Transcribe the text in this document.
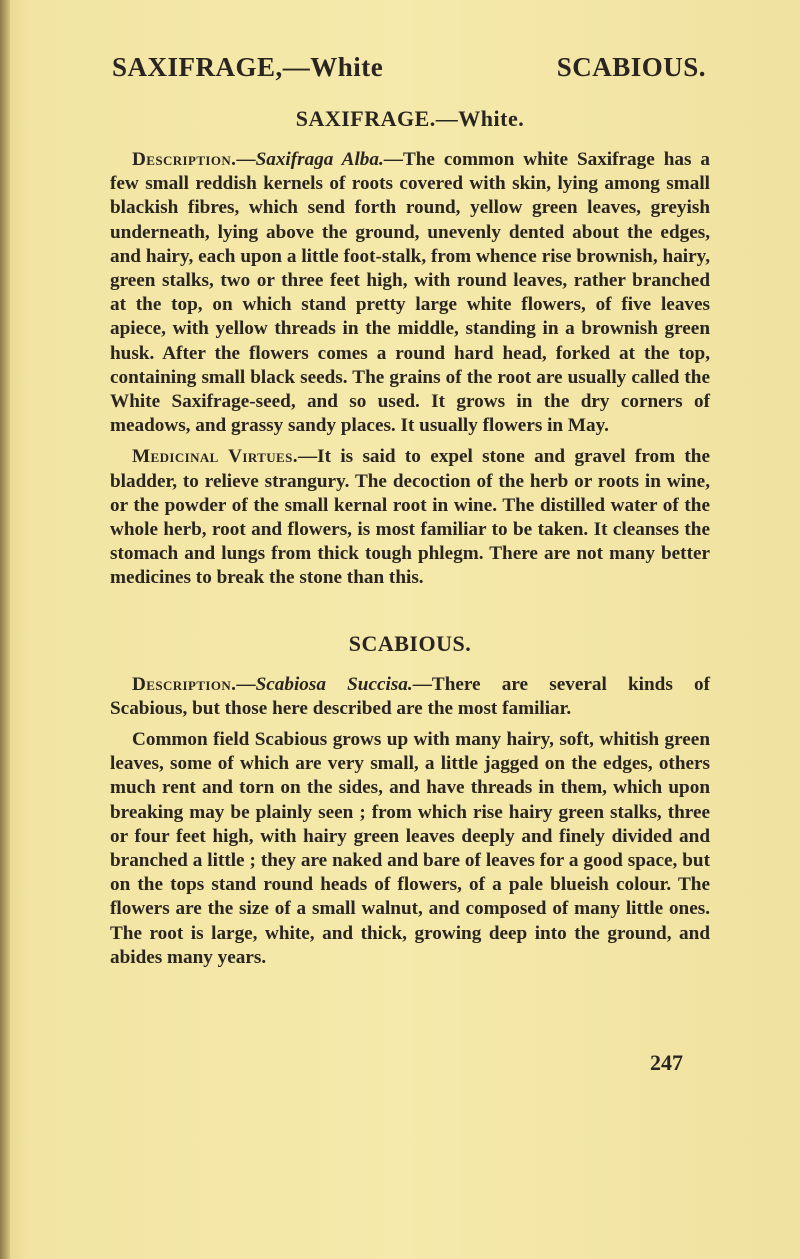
SAXIFRAGE,—White	SCABIOUS.
SAXIFRAGE.—White.

Description.—Saxifraga Alba.—The common white Saxifrage has a few small reddish kernels of roots covered with skin, lying among small blackish fibres, which send forth round, yellow green leaves, greyish underneath, lying above the ground, unevenly dented about the edges, and hairy, each upon a little foot-stalk, from whence rise brownish, hairy, green stalks, two or three feet high, with round leaves, rather branched at the top, on which stand pretty large white flowers, of five leaves apiece, with yellow threads in the middle, standing in a brownish green husk. After the flowers comes a round hard head, forked at the top, containing small black seeds. The grains of the root are usually called the White Saxifrage-seed, and so used. It grows in the dry corners of meadows, and grassy sandy places. It usually flowers in May.

Medicinal Virtues.—It is said to expel stone and gravel from the bladder, to relieve strangury. The decoction of the herb or roots in wine, or the powder of the small kernal root in wine. The distilled water of the whole herb, root and flowers, is most familiar to be taken. It cleanses the stomach and lungs from thick tough phlegm. There are not many better medicines to break the stone than this.

SCABIOUS.

Description.—Scabiosa Succisa.—There are several kinds of Scabious, but those here described are the most familiar.

Common field Scabious grows up with many hairy, soft, whitish green leaves, some of which are very small, a little jagged on the edges, others much rent and torn on the sides, and have threads in them, which upon breaking may be plainly seen ; from which rise hairy green stalks, three or four feet high, with hairy green leaves deeply and finely divided and branched a little ; they are naked and bare of leaves for a good space, but on the tops stand round heads of flowers, of a pale blueish colour. The flowers are the size of a small walnut, and composed of many little ones. The root is large, white, and thick, growing deep into the ground, and abides many years.

247
